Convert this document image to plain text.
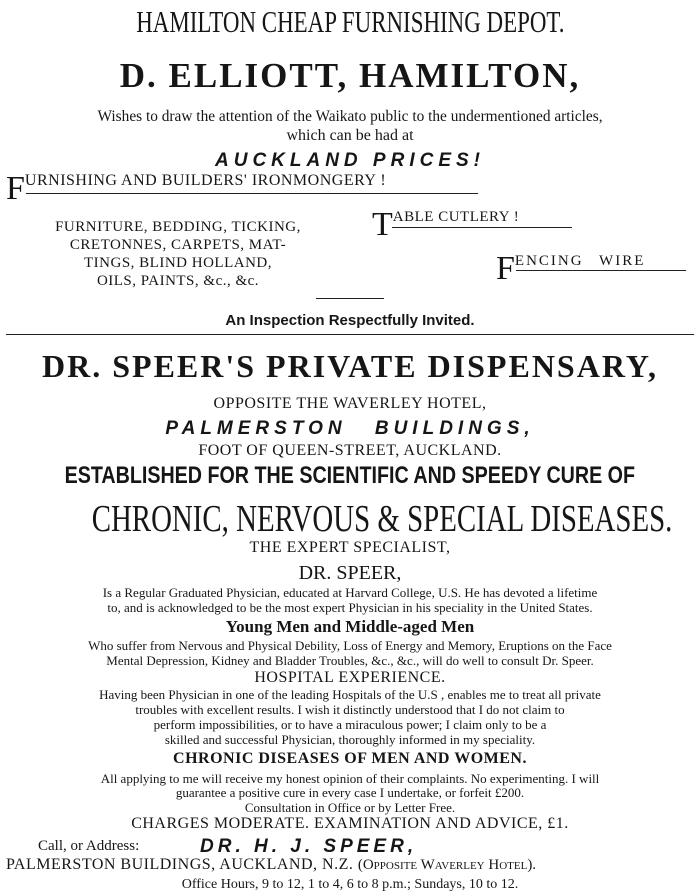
HAMILTON CHEAP FURNISHING DEPOT.
D. ELLIOTT, HAMILTON,
Wishes to draw the attention of the Waikato public to the undermentioned articles,
which can be had at
AUCKLAND PRICES!
FURNISHING AND BUILDERS' IRONMONGERY !
FURNITURE, BEDDING, TICKING,
CRETONNES, CARPETS, MAT-
TINGS, BLIND HOLLAND,
OILS, PAINTS, &c., &c.
TABLE CUTLERY !
FENCING WIRE
An Inspection Respectfully Invited.
DR. SPEER'S PRIVATE DISPENSARY,
OPPOSITE THE WAVERLEY HOTEL,
PALMERSTON BUILDINGS,
FOOT OF QUEEN-STREET, AUCKLAND.
ESTABLISHED FOR THE SCIENTIFIC AND SPEEDY CURE OF
CHRONIC, NERVOUS & SPECIAL DISEASES.
THE EXPERT SPECIALIST,
DR. SPEER,
Is a Regular Graduated Physician, educated at Harvard College, U.S. He has devoted a lifetime
to, and is acknowledged to be the most expert Physician in his speciality in the United States.
Young Men and Middle-aged Men
Who suffer from Nervous and Physical Debility, Loss of Energy and Memory, Eruptions on the Face
Mental Depression, Kidney and Bladder Troubles, &c., &c., will do well to consult Dr. Speer.
HOSPITAL EXPERIENCE.
Having been Physician in one of the leading Hospitals of the U.S , enables me to treat all private
troubles with excellent results. I wish it distinctly understood that I do not claim to
perform impossibilities, or to have a miraculous power; I claim only to be a
skilled and successful Physician, thoroughly informed in my speciality.
CHRONIC DISEASES OF MEN AND WOMEN.
All applying to me will receive my honest opinion of their complaints. No experimenting. I will
guarantee a positive cure in every case I undertake, or forfeit £200.
Consultation in Office or by Letter Free.
CHARGES MODERATE. EXAMINATION AND ADVICE, £1.
Call, or Address:	DR. H. J. SPEER,
PALMERSTON BUILDINGS, AUCKLAND, N.Z. (Opposite Waverley Hotel).
Office Hours, 9 to 12, 1 to 4, 6 to 8 p.m.; Sundays, 10 to 12.
